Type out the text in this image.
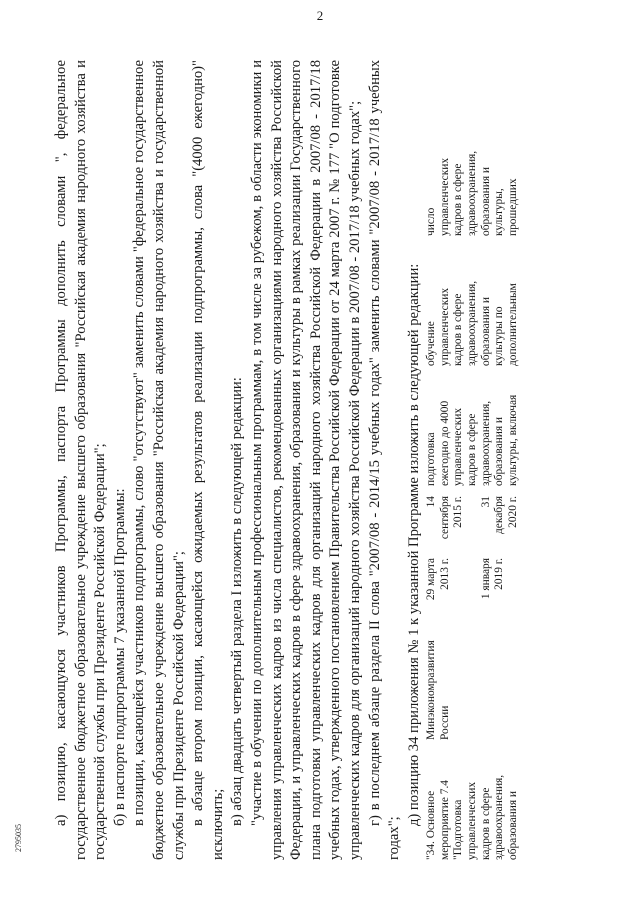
2
2795035

а) позицию, касающуюся участников Программы, паспорта Программы дополнить словами ", федеральное государственное бюджетное образовательное учреждение высшего образования "Российская академия народного хозяйства и государственной службы при Президенте Российской Федерации"; б) в паспорте подпрограммы 7 указанной Программы: в позиции, касающейся участников подпрограммы, слово "отсутствуют" заменить словами "федеральное государственное бюджетное образовательное учреждение высшего образования "Российская академия народного хозяйства и государственной службы при Президенте Российской Федерации"; в абзаце втором позиции, касающейся ожидаемых результатов реализации подпрограммы, слова "(4000 ежегодно)" исключить; в) абзац двадцать четвертый раздела I изложить в следующей редакции: "участие в обучении по дополнительным профессиональным программам, в том числе за рубежом, в области экономики и управления управленческих кадров из числа специалистов, рекомендованных организациями народного хозяйства Российской Федерации, и управленческих кадров в сфере здравоохранения, образования и культуры в рамках реализации Государственного плана подготовки управленческих кадров для организаций народного хозяйства Российской Федерации в 2007/08 - 2017/18 учебных годах, утвержденного постановлением Правительства Российской Федерации от 24 марта 2007 г. № 177 "О подготовке управленческих кадров для организаций народного хозяйства Российской Федерации в 2007/08 - 2017/18 учебных годах"; г) в последнем абзаце раздела II слова "2007/08 - 2014/15 учебных годах" заменить словами "2007/08 - 2017/18 учебных годах";

д) позицию 34 приложения № 1 к указанной Программе изложить в следующей редакции: "34. Основное мероприятие 7.4 "Подготовка управленческих кадров в сфере здравоохранения, образования и
Минэкономразвития России
29 марта 2013 г.

	1 января 2019 г.
14 сентября 2015 г.
31 декабря 2020 г.
подготовка ежегодно до 4000 управленческих кадров в сфере здравоохранения, образования и культуры, включая
обучение управленческих кадров в сфере здравоохранения, образования и культуры по дополнительным
число управленческих кадров в сфере здравоохранения, образования и культуры, прошедших
